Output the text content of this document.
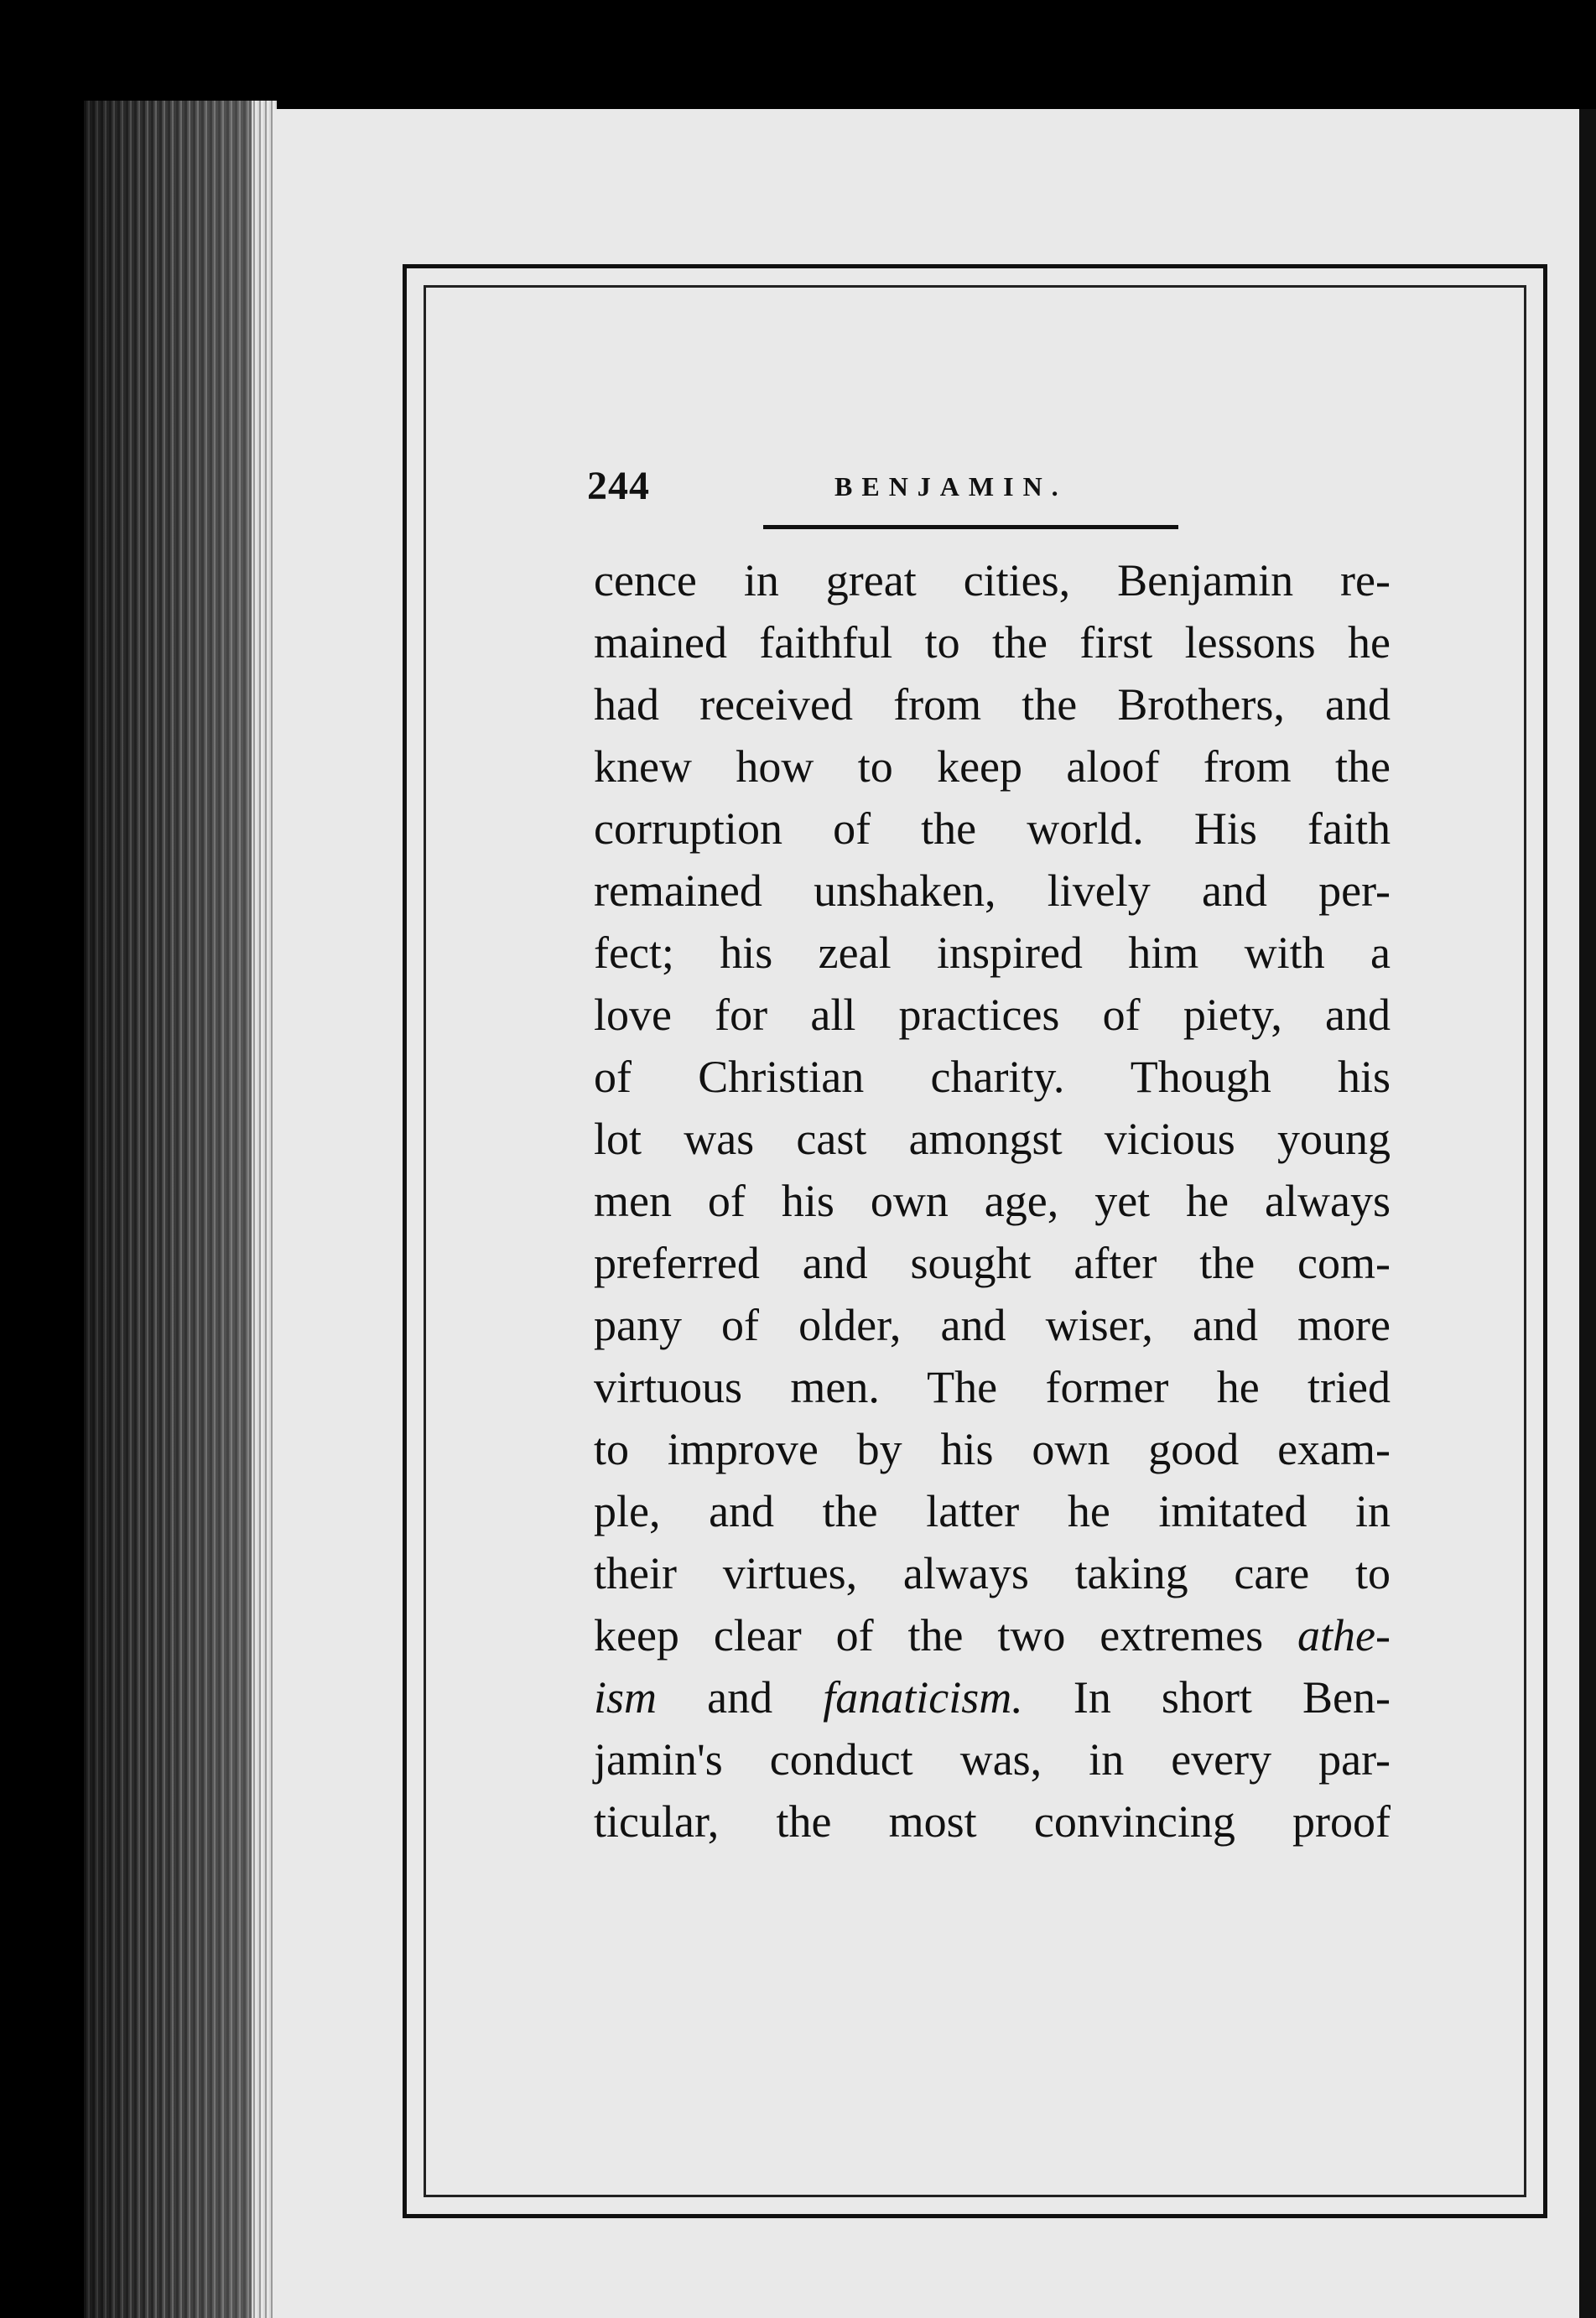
244	BENJAMIN.
cence in great cities, Benjamin re-
mained faithful to the first lessons he
had received from the Brothers, and
knew how to keep aloof from the
corruption of the world. His faith
remained unshaken, lively and per-
fect; his zeal inspired him with a
love for all practices of piety, and
of Christian charity. Though his
lot was cast amongst vicious young
men of his own age, yet he always
preferred and sought after the com-
pany of older, and wiser, and more
virtuous men. The former he tried
to improve by his own good exam-
ple, and the latter he imitated in
their virtues, always taking care to
keep clear of the two extremes athe-
ism and fanaticism. In short Ben-
jamin's conduct was, in every par-
ticular, the most convincing proof
